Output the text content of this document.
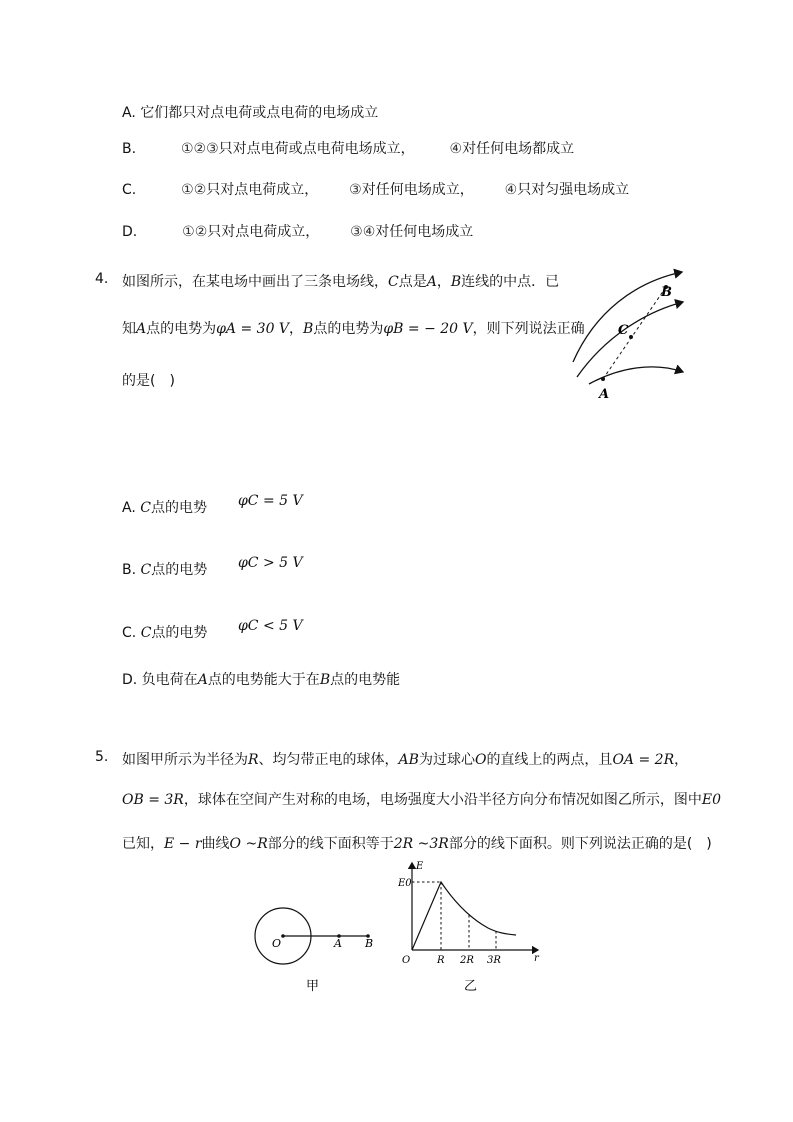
A. 它们都只对点电荷或点电荷的电场成立
B.	①②③只对点电荷或点电荷电场成立， ④对任何电场都成立
C.	①②只对点电荷成立， ③对任何电场成立， ④只对匀强电场成立
D.	①②只对点电荷成立， ③④对任何电场成立
4. 如图所示，在某电场中画出了三条电场线，C点是A，B连线的中点．已
知A点的电势为φA = 30 V，B点的电势为φB = − 20 V，则下列说法正确
的是(　)
A
C
B
A. C点的电势 φC = 5 V
B. C点的电势 φC > 5 V
C. C点的电势 φC < 5 V
D. 负电荷在A点的电势能大于在B点的电势能
5. 如图甲所示为半径为R、均匀带正电的球体，AB为过球心O的直线上的两点，且OA = 2R，
OB = 3R，球体在空间产生对称的电场，电场强度大小沿半径方向分布情况如图乙所示，图中E0
已知，E − r曲线O ~R部分的线下面积等于2R ~3R部分的线下面积。则下列说法正确的是(　)
O	A B
甲
E
E0
O	R 2R 3R	r
乙
